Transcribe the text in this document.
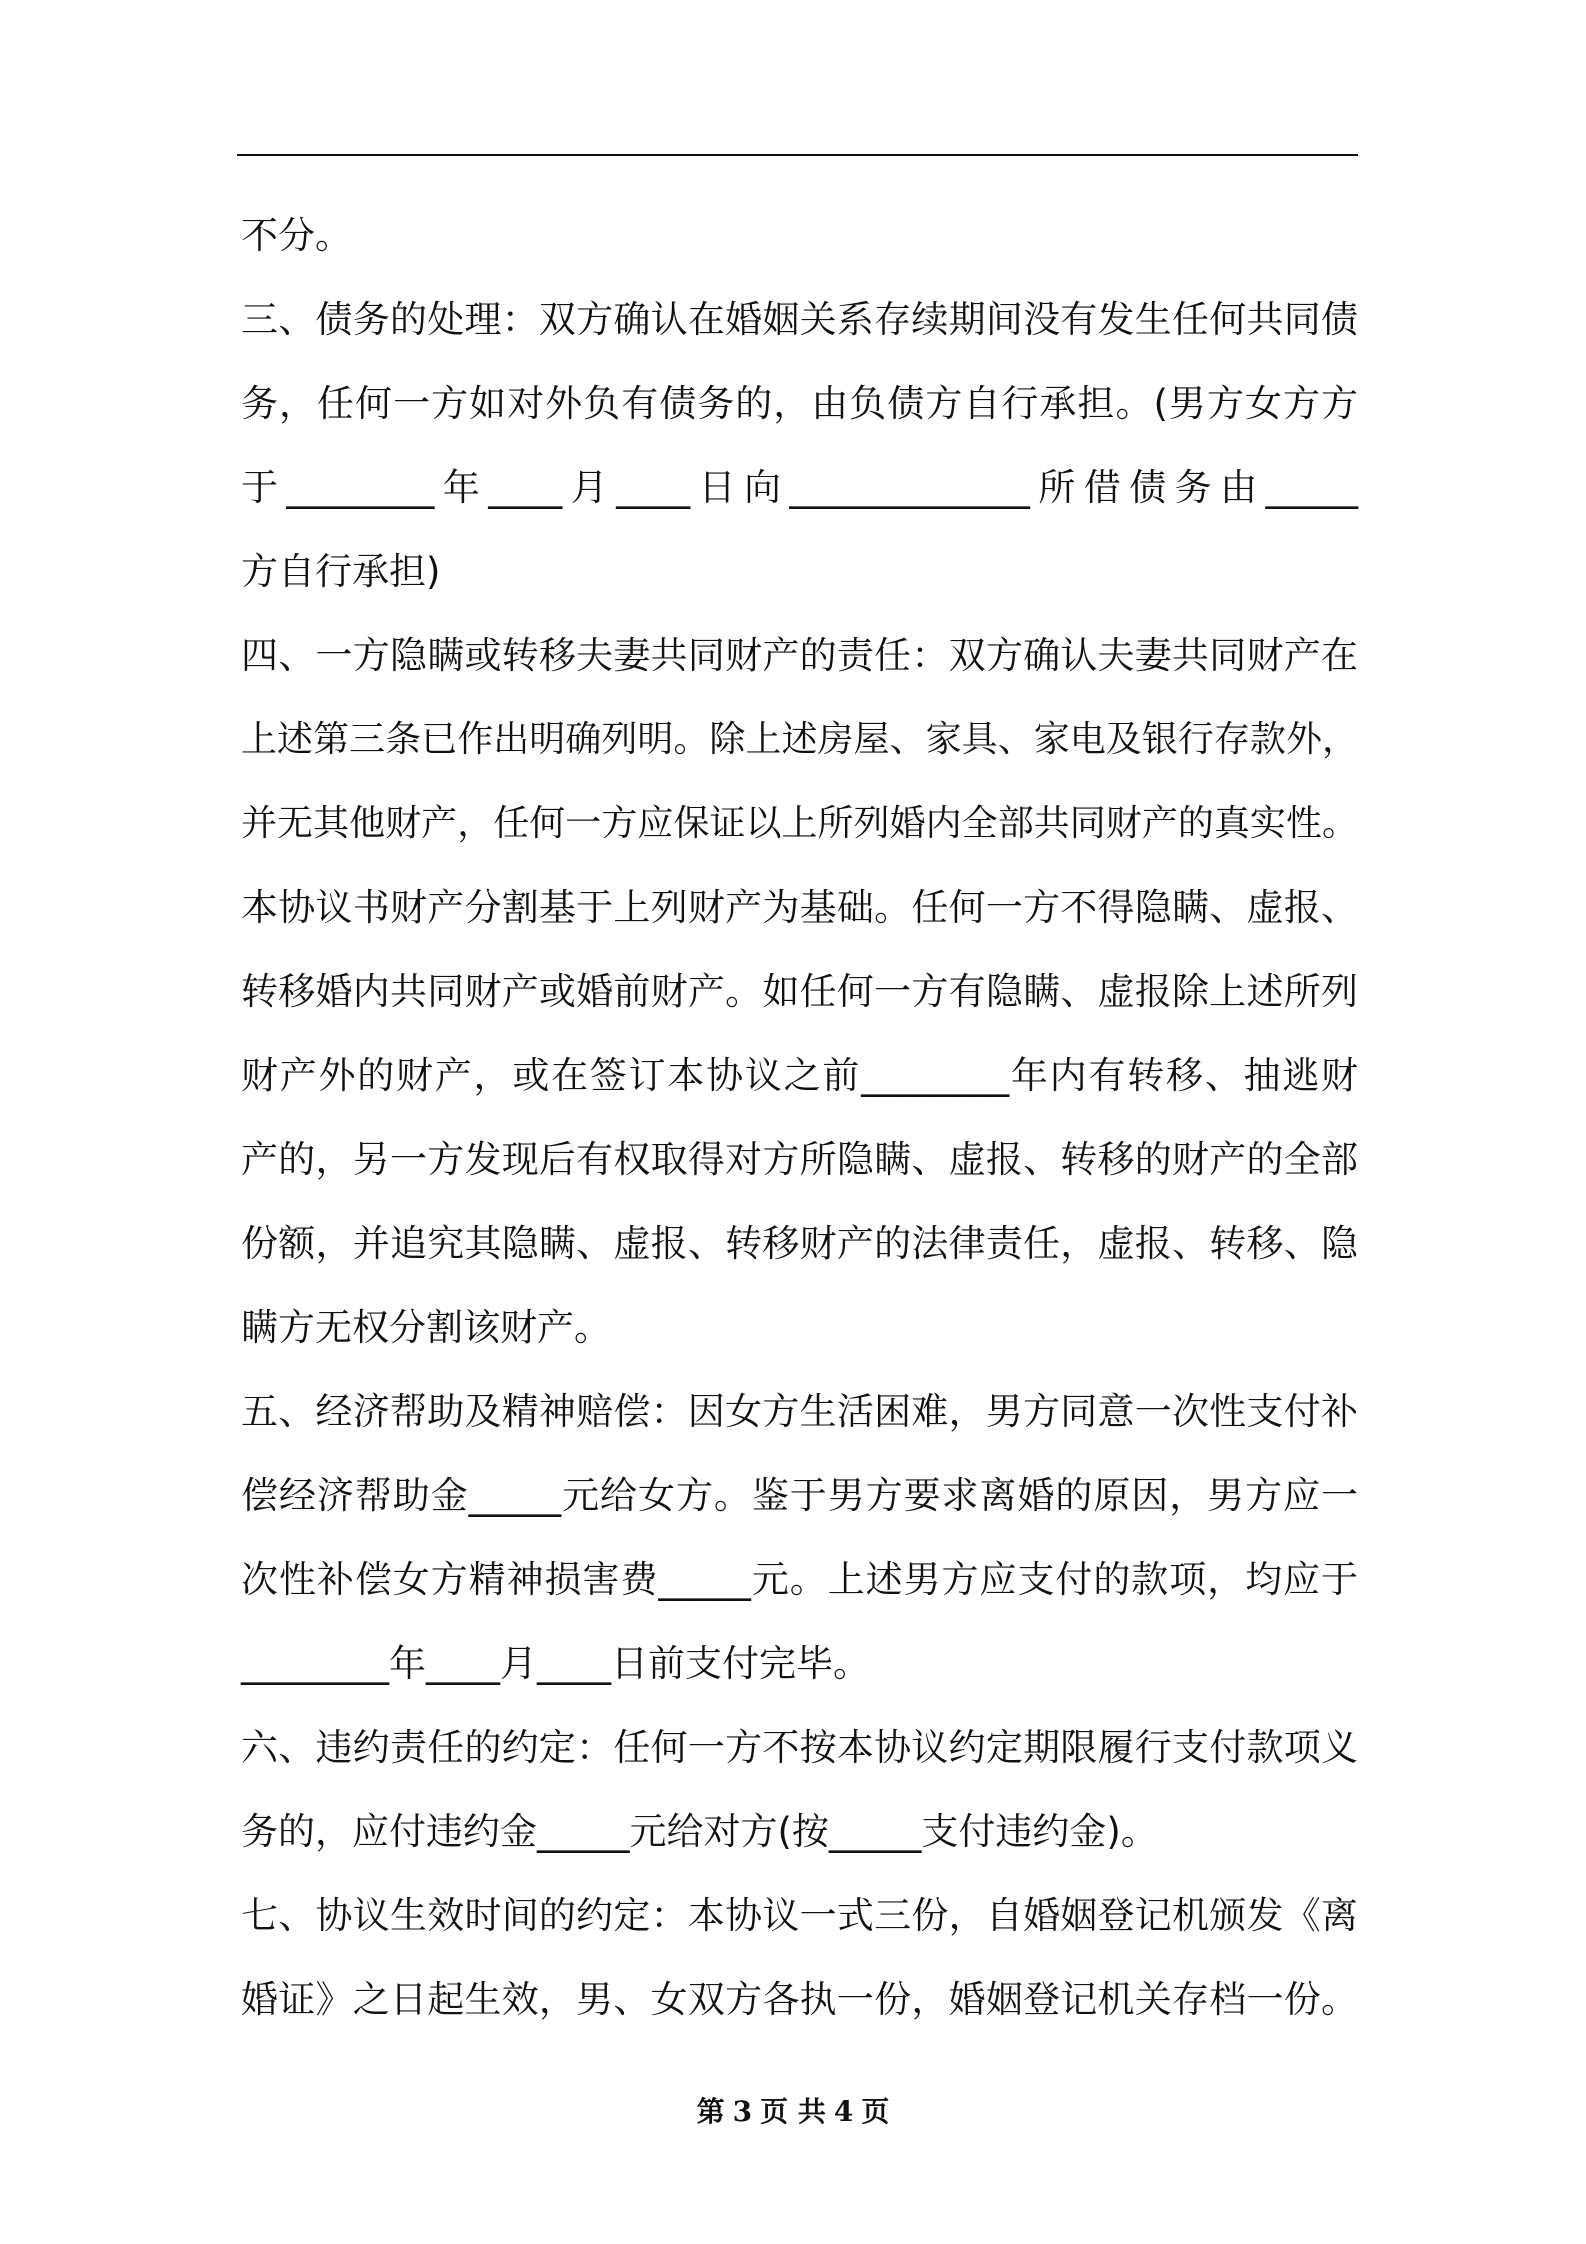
不分。
三、债务的处理：双方确认在婚姻关系存续期间没有发生任何共同债
务，任何一方如对外负有债务的，由负债方自行承担。(男方女方方
于________年____月____日向_____________所借债务由_____
方自行承担)
四、一方隐瞒或转移夫妻共同财产的责任：双方确认夫妻共同财产在
上述第三条已作出明确列明。除上述房屋、家具、家电及银行存款外，
并无其他财产，任何一方应保证以上所列婚内全部共同财产的真实性。
本协议书财产分割基于上列财产为基础。任何一方不得隐瞒、虚报、
转移婚内共同财产或婚前财产。如任何一方有隐瞒、虚报除上述所列
财产外的财产，或在签订本协议之前________年内有转移、抽逃财
产的，另一方发现后有权取得对方所隐瞒、虚报、转移的财产的全部
份额，并追究其隐瞒、虚报、转移财产的法律责任，虚报、转移、隐
瞒方无权分割该财产。
五、经济帮助及精神赔偿：因女方生活困难，男方同意一次性支付补
偿经济帮助金_____元给女方。鉴于男方要求离婚的原因，男方应一
次性补偿女方精神损害费_____元。上述男方应支付的款项，均应于
________年____月____日前支付完毕。
六、违约责任的约定：任何一方不按本协议约定期限履行支付款项义
务的，应付违约金_____元给对方(按_____支付违约金)。
七、协议生效时间的约定：本协议一式三份，自婚姻登记机颁发《离
婚证》之日起生效，男、女双方各执一份，婚姻登记机关存档一份。
第 3 页 共 4 页
